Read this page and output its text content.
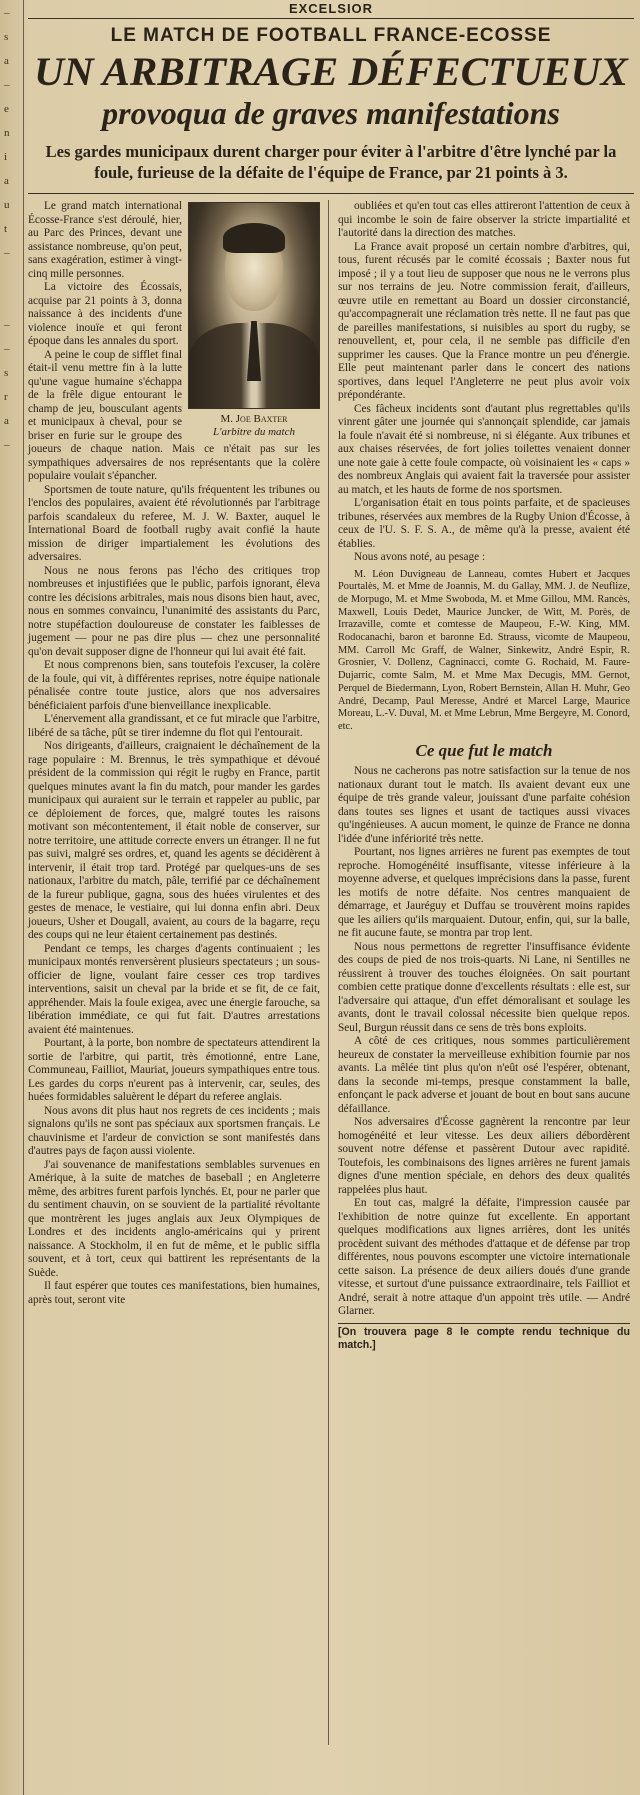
–
s
a
–
e
n
i
a
u
t
–
–
–
s
r
a
–
EXCELSIOR
LE MATCH DE FOOTBALL FRANCE-ECOSSE
UN ARBITRAGE DÉFECTUEUX
provoqua de graves manifestations
Les gardes municipaux durent charger pour éviter à l'arbitre d'être lynché par la foule, furieuse de la défaite de l'équipe de France, par 21 points à 3.
M. Joe Baxter
L'arbitre du match

Le grand match international Écosse-France s'est déroulé, hier, au Parc des Princes, devant une assistance nombreuse, qu'on peut, sans exagération, estimer à vingt-cinq mille personnes.

La victoire des Écossais, acquise par 21 points à 3, donna naissance à des incidents d'une violence inouïe et qui feront époque dans les annales du sport.

A peine le coup de sifflet final était-il venu mettre fin à la lutte qu'une vague humaine s'échappa de la frêle digue entourant le champ de jeu, bousculant agents et municipaux à cheval, pour se briser en furie sur le groupe des joueurs de chaque nation. Mais ce n'était pas sur les sympathiques adversaires de nos représentants que la colère populaire voulait s'épancher.

Sportsmen de toute nature, qu'ils fréquentent les tribunes ou l'enclos des populaires, avaient été révolutionnés par l'arbitrage parfois scandaleux du referee, M. J. W. Baxter, auquel le International Board de football rugby avait confié la haute mission de diriger impartialement les évolutions des adversaires.

Nous ne nous ferons pas l'écho des critiques trop nombreuses et injustifiées que le public, parfois ignorant, éleva contre les décisions arbitrales, mais nous disons bien haut, avec, nous en sommes convaincu, l'unanimité des assistants du Parc, notre stupéfaction douloureuse de constater les faiblesses de jugement — pour ne pas dire plus — chez une personnalité qu'on devait supposer digne de l'honneur qui lui avait été fait.

Et nous comprenons bien, sans toutefois l'excuser, la colère de la foule, qui vit, à différentes reprises, notre équipe nationale pénalisée contre toute justice, alors que nos adversaires bénéficiaient parfois d'une bienveillance inexplicable.

L'énervement alla grandissant, et ce fut miracle que l'arbitre, libéré de sa tâche, pût se tirer indemne du flot qui l'entourait.

Nos dirigeants, d'ailleurs, craignaient le déchaînement de la rage populaire : M. Brennus, le très sympathique et dévoué président de la commission qui régit le rugby en France, partit quelques minutes avant la fin du match, pour mander les gardes municipaux qui auraient sur le terrain et rappeler au public, par ce déploiement de forces, que, malgré toutes les raisons motivant son mécontentement, il était noble de conserver, sur notre territoire, une attitude correcte envers un étranger. Il ne fut pas suivi, malgré ses ordres, et, quand les agents se décidèrent à intervenir, il était trop tard. Protégé par quelques-uns de ses nationaux, l'arbitre du match, pâle, terrifié par ce déchaînement de la fureur publique, gagna, sous des huées virulentes et des gestes de menace, le vestiaire, qui lui donna enfin abri. Deux joueurs, Usher et Dougall, avaient, au cours de la bagarre, reçu des coups qui ne leur étaient certainement pas destinés.

Pendant ce temps, les charges d'agents continuaient ; les municipaux montés renversèrent plusieurs spectateurs ; un sous-officier de ligne, voulant faire cesser ces trop tardives interventions, saisit un cheval par la bride et se fit, de ce fait, appréhender. Mais la foule exigea, avec une énergie farouche, sa libération immédiate, ce qui fut fait. D'autres arrestations avaient été maintenues.

Pourtant, à la porte, bon nombre de spectateurs attendirent la sortie de l'arbitre, qui partit, très émotionné, entre Lane, Communeau, Failliot, Mauriat, joueurs sympathiques entre tous. Les gardes du corps n'eurent pas à intervenir, car, seules, des huées formidables saluèrent le départ du referee anglais.

Nous avons dit plus haut nos regrets de ces incidents ; mais signalons qu'ils ne sont pas spéciaux aux sportsmen français. Le chauvinisme et l'ardeur de conviction se sont manifestés dans d'autres pays de façon aussi violente.

J'ai souvenance de manifestations semblables survenues en Amérique, à la suite de matches de baseball ; en Angleterre même, des arbitres furent parfois lynchés. Et, pour ne parler que du sentiment chauvin, on se souvient de la partialité révoltante que montrèrent les juges anglais aux Jeux Olympiques de Londres et des incidents anglo-américains qui y prirent naissance. A Stockholm, il en fut de même, et le public siffla souvent, et à tort, ceux qui battirent les représentants de la Suède.

Il faut espérer que toutes ces manifestations, bien humaines, après tout, seront vite

oubliées et qu'en tout cas elles attireront l'attention de ceux à qui incombe le soin de faire observer la stricte impartialité et l'autorité dans la direction des matches.

La France avait proposé un certain nombre d'arbitres, qui, tous, furent récusés par le comité écossais ; Baxter nous fut imposé ; il y a tout lieu de supposer que nous ne le verrons plus sur nos terrains de jeu. Notre commission ferait, d'ailleurs, œuvre utile en remettant au Board un dossier circonstancié, qu'accompagnerait une réclamation très nette. Il ne faut pas que de pareilles manifestations, si nuisibles au sport du rugby, se renouvellent, et, pour cela, il ne semble pas difficile d'en supprimer les causes. Que la France montre un peu d'énergie. Elle peut maintenant parler dans le concert des nations sportives, dans lequel l'Angleterre ne peut plus avoir voix prépondérante.

Ces fâcheux incidents sont d'autant plus regrettables qu'ils vinrent gâter une journée qui s'annonçait splendide, car jamais la foule n'avait été si nombreuse, ni si élégante. Aux tribunes et aux chaises réservées, de fort jolies toilettes venaient donner une note gaie à cette foule compacte, où voisinaient les « caps » des nombreux Anglais qui avaient fait la traversée pour assister au match, et les hauts de forme de nos sportsmen.

L'organisation était en tous points parfaite, et de spacieuses tribunes, réservées aux membres de la Rugby Union d'Écosse, à ceux de l'U. S. F. S. A., de même qu'à la presse, avaient été établies.

Nous avons noté, au pesage :

M. Léon Duvigneau de Lanneau, comtes Hubert et Jacques Pourtalès, M. et Mme de Joannis, M. du Gallay, MM. J. de Neuflize, de Morpugo, M. et Mme Swoboda, M. et Mme Gillou, MM. Rancès, Maxwell, Louis Dedet, Maurice Juncker, de Witt, M. Porès, de Irrazaville, comte et comtesse de Maupeou, F.-W. King, MM. Rodocanachi, baron et baronne Ed. Strauss, vicomte de Maupeou, MM. Carroll Mc Graff, de Walner, Sinkewitz, André Espir, R. Grosnier, V. Dollenz, Cagninacci, comte G. Rochaid, M. Faure-Dujarric, comte Salm, M. et Mme Max Decugis, MM. Gernot, Perquel de Biedermann, Lyon, Robert Bernstein, Allan H. Muhr, Geo André, Decamp, Paul Meresse, André et Marcel Large, Maurice Moreau, L.-V. Duval, M. et Mme Lebrun, Mme Bergeyre, M. Conord, etc.

Ce que fut le match

Nous ne cacherons pas notre satisfaction sur la tenue de nos nationaux durant tout le match. Ils avaient devant eux une équipe de très grande valeur, jouissant d'une parfaite cohésion dans toutes ses lignes et usant de tactiques aussi vivaces qu'ingénieuses. A aucun moment, le quinze de France ne donna l'idée d'une infériorité très nette.

Pourtant, nos lignes arrières ne furent pas exemptes de tout reproche. Homogénéité insuffisante, vitesse inférieure à la moyenne adverse, et quelques imprécisions dans la passe, furent les motifs de notre défaite. Nos centres manquaient de démarrage, et Jauréguy et Duffau se trouvèrent moins rapides que les ailiers qu'ils marquaient. Dutour, enfin, qui, sur la balle, ne fit aucune faute, se montra par trop lent.

Nous nous permettons de regretter l'insuffisance évidente des coups de pied de nos trois-quarts. Ni Lane, ni Sentilles ne réussirent à trouver des touches éloignées. On sait pourtant combien cette pratique donne d'excellents résultats : elle est, sur l'adversaire qui attaque, d'un effet démoralisant et soulage les avants, dont le travail colossal nécessite bien quelque repos. Seul, Burgun réussit dans ce sens de très bons exploits.

A côté de ces critiques, nous sommes particulièrement heureux de constater la merveilleuse exhibition fournie par nos avants. La mêlée tint plus qu'on n'eût osé l'espérer, obtenant, dans la seconde mi-temps, presque constamment la balle, enfonçant le pack adverse et jouant de bout en bout sans aucune défaillance.

Nos adversaires d'Écosse gagnèrent la rencontre par leur homogénéité et leur vitesse. Les deux ailiers débordèrent souvent notre défense et passèrent Dutour avec rapidité. Toutefois, les combinaisons des lignes arrières ne furent jamais dignes d'une mention spéciale, en dehors des deux qualités rappelées plus haut.

En tout cas, malgré la défaite, l'impression causée par l'exhibition de notre quinze fut excellente. En apportant quelques modifications aux lignes arrières, dont les unités procèdent suivant des méthodes d'attaque et de défense par trop différentes, nous pouvons escompter une victoire internationale cette saison. La présence de deux ailiers doués d'une grande vitesse, et surtout d'une puissance extraordinaire, tels Failliot et André, serait à notre attaque d'un appoint très utile. — André Glarner.

[On trouvera page 8 le compte rendu technique du match.]
